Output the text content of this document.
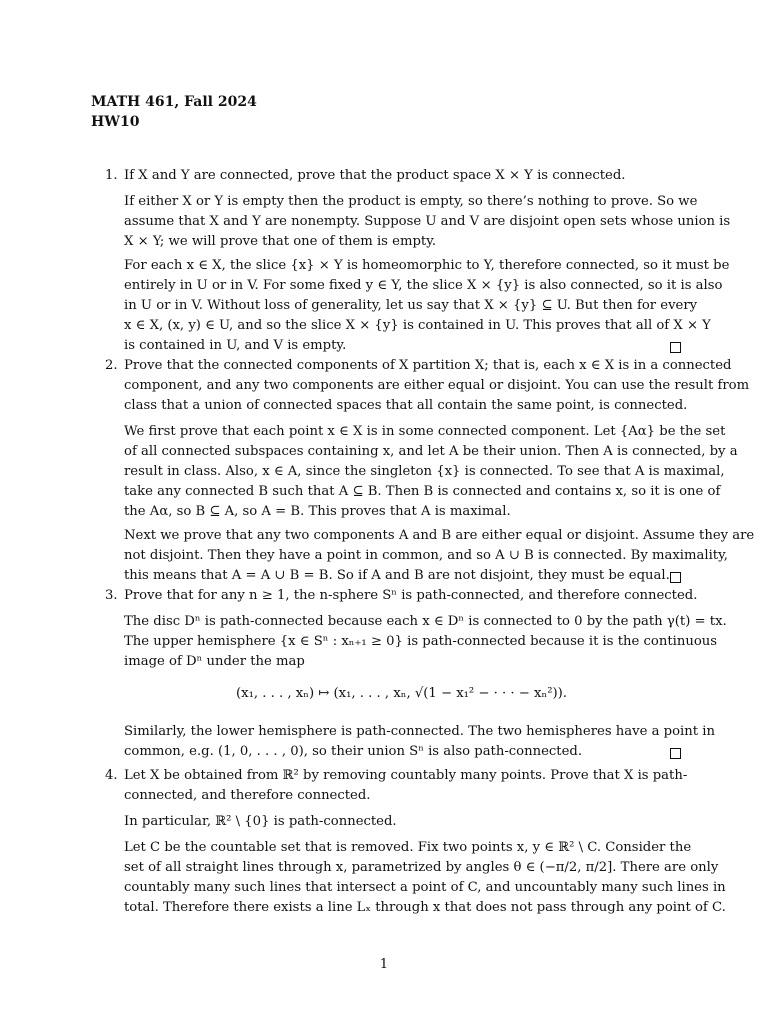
MATH 461, Fall 2024
HW10
1. If X and Y are connected, prove that the product space X × Y is connected.
If either X or Y is empty then the product is empty, so there’s nothing to prove. So we
assume that X and Y are nonempty. Suppose U and V are disjoint open sets whose union is
X × Y; we will prove that one of them is empty.
For each x ∈ X, the slice {x} × Y is homeomorphic to Y, therefore connected, so it must be
entirely in U or in V. For some fixed y ∈ Y, the slice X × {y} is also connected, so it is also
in U or in V. Without loss of generality, let us say that X × {y} ⊆ U. But then for every
x ∈ X, (x, y) ∈ U, and so the slice X × {y} is contained in U. This proves that all of X × Y
is contained in U, and V is empty.
2. Prove that the connected components of X partition X; that is, each x ∈ X is in a connected
component, and any two components are either equal or disjoint. You can use the result from
class that a union of connected spaces that all contain the same point, is connected.
We first prove that each point x ∈ X is in some connected component. Let {Aα} be the set
of all connected subspaces containing x, and let A be their union. Then A is connected, by a
result in class. Also, x ∈ A, since the singleton {x} is connected. To see that A is maximal,
take any connected B such that A ⊆ B. Then B is connected and contains x, so it is one of
the Aα, so B ⊆ A, so A = B. This proves that A is maximal.
Next we prove that any two components A and B are either equal or disjoint. Assume they are
not disjoint. Then they have a point in common, and so A ∪ B is connected. By maximality,
this means that A = A ∪ B = B. So if A and B are not disjoint, they must be equal.
3. Prove that for any n ≥ 1, the n-sphere Sⁿ is path-connected, and therefore connected.
The disc Dⁿ is path-connected because each x ∈ Dⁿ is connected to 0 by the path γ(t) = tx.
The upper hemisphere {x ∈ Sⁿ : xₙ₊₁ ≥ 0} is path-connected because it is the continuous
image of Dⁿ under the map
(x₁, . . . , xₙ) ↦ (x₁, . . . , xₙ, √(1 − x₁² − · · · − xₙ²)).
Similarly, the lower hemisphere is path-connected. The two hemispheres have a point in
common, e.g. (1, 0, . . . , 0), so their union Sⁿ is also path-connected.
4. Let X be obtained from ℝ² by removing countably many points. Prove that X is path-
connected, and therefore connected.
In particular, ℝ² \ {0} is path-connected.
Let C be the countable set that is removed. Fix two points x, y ∈ ℝ² \ C. Consider the
set of all straight lines through x, parametrized by angles θ ∈ (−π/2, π/2]. There are only
countably many such lines that intersect a point of C, and uncountably many such lines in
total. Therefore there exists a line Lₓ through x that does not pass through any point of C.
1
